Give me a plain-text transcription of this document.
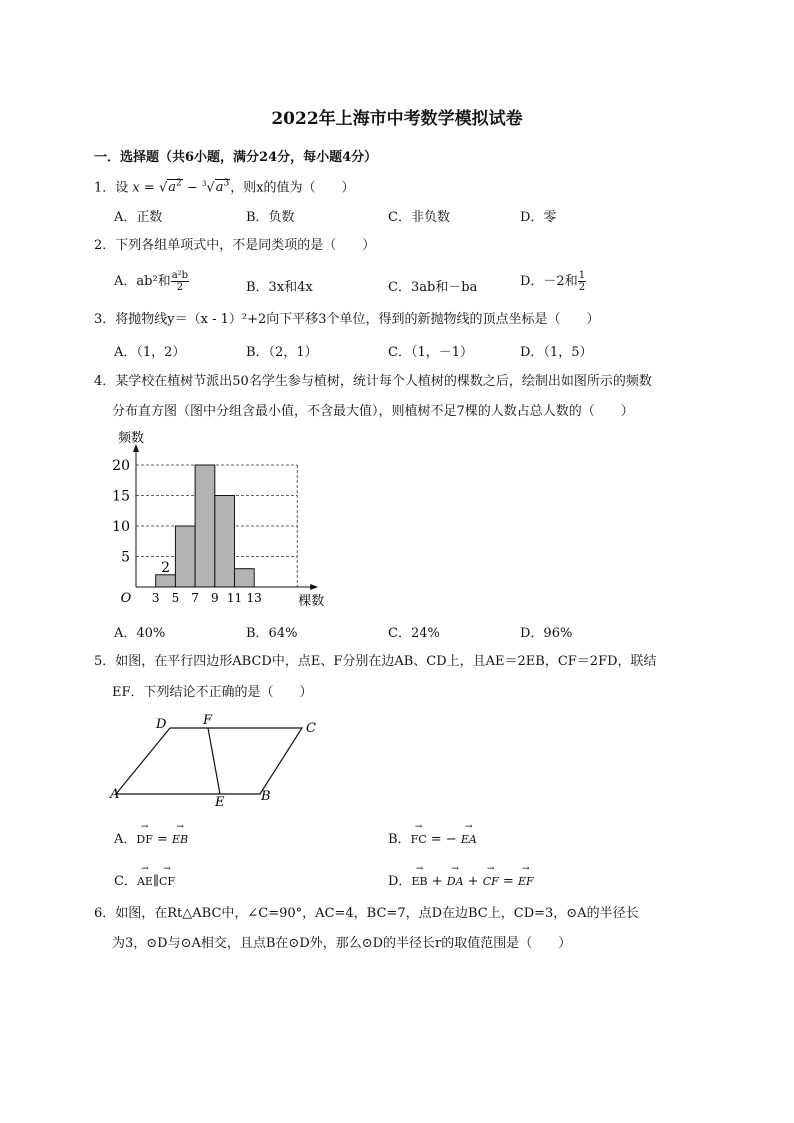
2022年上海市中考数学模拟试卷
一．选择题（共6小题，满分24分，每小题4分）
1．设 $x = √a^2 - ^3√a^3$，则x的值为（　　）
A．正数	B．负数	C．非负数	D．零
2．下列各组单项式中，不是同类项的是（　　）
A．ab²和 $\frac{\text{a²b}}{2}$	B．3x和4x	C．3ab和－ba	D．－2和 $\frac{1}{2}$
3．将抛物线y＝（x - 1）²+2向下平移3个单位，得到的新抛物线的顶点坐标是（　　）
A．（1，2）	B．（2，1）	C．（1，－1）	D．（1，5）
4．某学校在植树节派出50名学生参与植树，统计每个人植树的棵数之后，绘制出如图所示的频数
分布直方图（图中分组含最小值，不含最大值），则植树不足7棵的人数占总人数的（　　）
3 5 7 9 11 13
5
10
15
20
O
频数
棵数
2
A．40%	B．64%	C．24%	D．96%
5．如图，在平行四边形ABCD中，点E、F分别在边AB、CD上，且AE＝2EB，CF＝2FD，联结
EF．下列结论不正确的是（　　）
D	F
C
A
E	B
A．→ DF = → EB	B．→ FC = − → EA
C．→ AE∥→ CF	D．→ EB + → DA + → CF = → EF
6．如图，在Rt△ABC中，∠C=90°，AC=4，BC=7，点D在边BC上，CD=3，⊙A的半径长
为3，⊙D与⊙A相交，且点B在⊙D外，那么⊙D的半径长r的取值范围是（　　）
